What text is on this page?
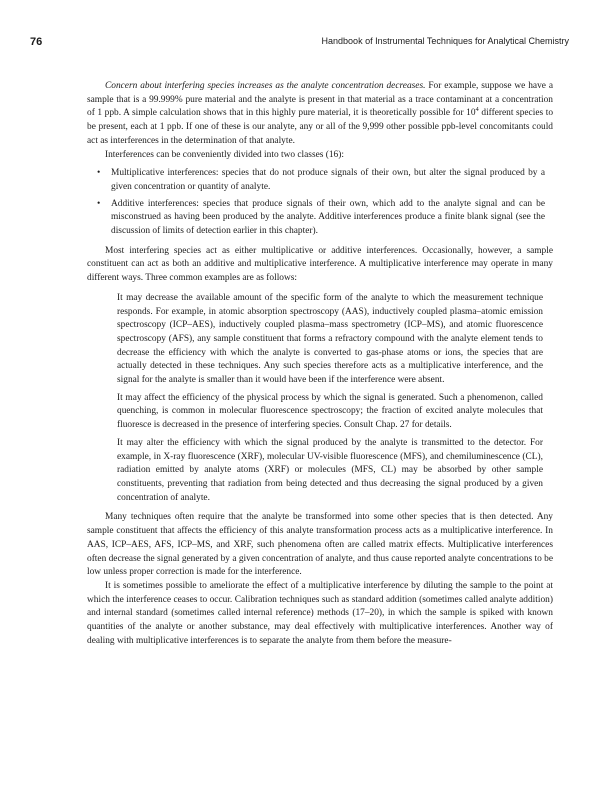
76	Handbook of Instrumental Techniques for Analytical Chemistry

Concern about interfering species increases as the analyte concentration decreases. For example, suppose we have a sample that is a 99.999% pure material and the analyte is present in that material as a trace contaminant at a concentration of 1 ppb. A simple calculation shows that in this highly pure material, it is theoretically possible for $10^4$ different species to be present, each at 1 ppb. If one of these is our analyte, any or all of the 9,999 other possible ppb-level concomitants could act as interferences in the determination of that analyte.

Interferences can be conveniently divided into two classes (16):

• Multiplicative interferences: species that do not produce signals of their own, but alter the signal produced by a given concentration or quantity of analyte.
• Additive interferences: species that produce signals of their own, which add to the analyte signal and can be misconstrued as having been produced by the analyte. Additive interferences produce a finite blank signal (see the discussion of limits of detection earlier in this chapter).

Most interfering species act as either multiplicative or additive interferences. Occasionally, however, a sample constituent can act as both an additive and multiplicative interference. A multiplicative interference may operate in many different ways. Three common examples are as follows:

It may decrease the available amount of the specific form of the analyte to which the measurement technique responds. For example, in atomic absorption spectroscopy (AAS), inductively coupled plasma–atomic emission spectroscopy (ICP–AES), inductively coupled plasma–mass spectrometry (ICP–MS), and atomic fluorescence spectroscopy (AFS), any sample constituent that forms a refractory compound with the analyte element tends to decrease the efficiency with which the analyte is converted to gas-phase atoms or ions, the species that are actually detected in these techniques. Any such species therefore acts as a multiplicative interference, and the signal for the analyte is smaller than it would have been if the interference were absent.

It may affect the efficiency of the physical process by which the signal is generated. Such a phenomenon, called quenching, is common in molecular fluorescence spectroscopy; the fraction of excited analyte molecules that fluoresce is decreased in the presence of interfering species. Consult Chap. 27 for details.

It may alter the efficiency with which the signal produced by the analyte is transmitted to the detector. For example, in X-ray fluorescence (XRF), molecular UV-visible fluorescence (MFS), and chemiluminescence (CL), radiation emitted by analyte atoms (XRF) or molecules (MFS, CL) may be absorbed by other sample constituents, preventing that radiation from being detected and thus decreasing the signal produced by a given concentration of analyte.

Many techniques often require that the analyte be transformed into some other species that is then detected. Any sample constituent that affects the efficiency of this analyte transformation process acts as a multiplicative interference. In AAS, ICP–AES, AFS, ICP–MS, and XRF, such phenomena often are called matrix effects. Multiplicative interferences often decrease the signal generated by a given concentration of analyte, and thus cause reported analyte concentrations to be low unless proper correction is made for the interference.

It is sometimes possible to ameliorate the effect of a multiplicative interference by diluting the sample to the point at which the interference ceases to occur. Calibration techniques such as standard addition (sometimes called analyte addition) and internal standard (sometimes called internal reference) methods (17–20), in which the sample is spiked with known quantities of the analyte or another substance, may deal effectively with multiplicative interferences. Another way of dealing with multiplicative interferences is to separate the analyte from them before the measure-
